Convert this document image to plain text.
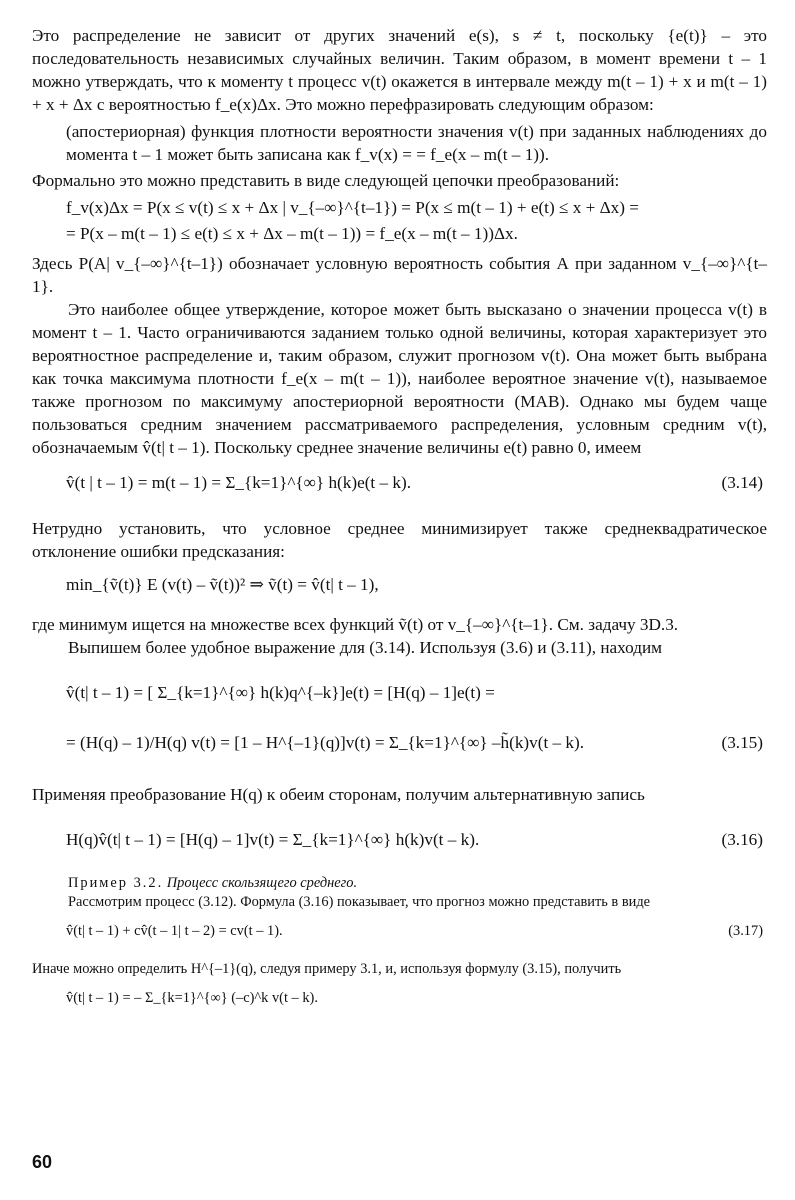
Это распределение не зависит от других значений e(s), s ≠ t, поскольку {e(t)} – это последовательность независимых случайных величин. Таким образом, в момент времени t – 1 можно утверждать, что к моменту t процесс v(t) окажется в интервале между m(t – 1) + x и m(t – 1) + x + Δx с вероятностью f_e(x)Δx. Это можно перефразировать следующим образом:

(апостериорная) функция плотности вероятности значения v(t) при заданных наблюдениях до момента t – 1 может быть записана как f_v(x) = = f_e(x – m(t – 1)).

Формально это можно представить в виде следующей цепочки преобразований:

f_v(x)Δx = P(x ≤ v(t) ≤ x + Δx | v_{–∞}^{t–1}) = P(x ≤ m(t – 1) + e(t) ≤ x + Δx) =
= P(x – m(t – 1) ≤ e(t) ≤ x + Δx – m(t – 1)) = f_e(x – m(t – 1))Δx.

Здесь P(A| v_{–∞}^{t–1}) обозначает условную вероятность события А при заданном v_{–∞}^{t–1}.

Это наиболее общее утверждение, которое может быть высказано о значении процесса v(t) в момент t – 1. Часто ограничиваются заданием только одной величины, которая характеризует это вероятностное распределение и, таким образом, служит прогнозом v(t). Она может быть выбрана как точка максимума плотности f_e(x – m(t – 1)), наиболее вероятное значение v(t), называемое также прогнозом по максимуму апостериорной вероятности (МАВ). Однако мы будем чаще пользоваться средним значением рассматриваемого распределения, условным средним v(t), обозначаемым v̂(t| t – 1). Поскольку среднее значение величины e(t) равно 0, имеем

v̂(t | t – 1) = m(t – 1) = Σ_{k=1}^{∞} h(k)e(t – k).	(3.14)

Нетрудно установить, что условное среднее минимизирует также среднеквадратическое отклонение ошибки предсказания:

min_{ṽ(t)} E (v(t) – ṽ(t))² ⇒ ṽ(t) = v̂(t| t – 1),

где минимум ищется на множестве всех функций ṽ(t) от v_{–∞}^{t–1}. См. задачу 3D.3.

Выпишем более удобное выражение для (3.14). Используя (3.6) и (3.11), находим

v̂(t| t – 1) = [ Σ_{k=1}^{∞} h(k)q^{–k}]e(t) = [H(q) – 1]e(t) =
= (H(q) – 1)/H(q) v(t) = [1 – H^{–1}(q)]v(t) = Σ_{k=1}^{∞} –h̃(k)v(t – k).	(3.15)

Применяя преобразование H(q) к обеим сторонам, получим альтернативную запись

H(q)v̂(t| t – 1) = [H(q) – 1]v(t) = Σ_{k=1}^{∞} h(k)v(t – k).	(3.16)

Пример 3.2. Процесс скользящего среднего.

Рассмотрим процесс (3.12). Формула (3.16) показывает, что прогноз можно представить в виде

v̂(t| t – 1) + cv̂(t – 1| t – 2) = cv(t – 1).	(3.17)

Иначе можно определить H^{–1}(q), следуя примеру 3.1, и, используя формулу (3.15), получить

v̂(t| t – 1) = – Σ_{k=1}^{∞} (–c)^k v(t – k).
60
